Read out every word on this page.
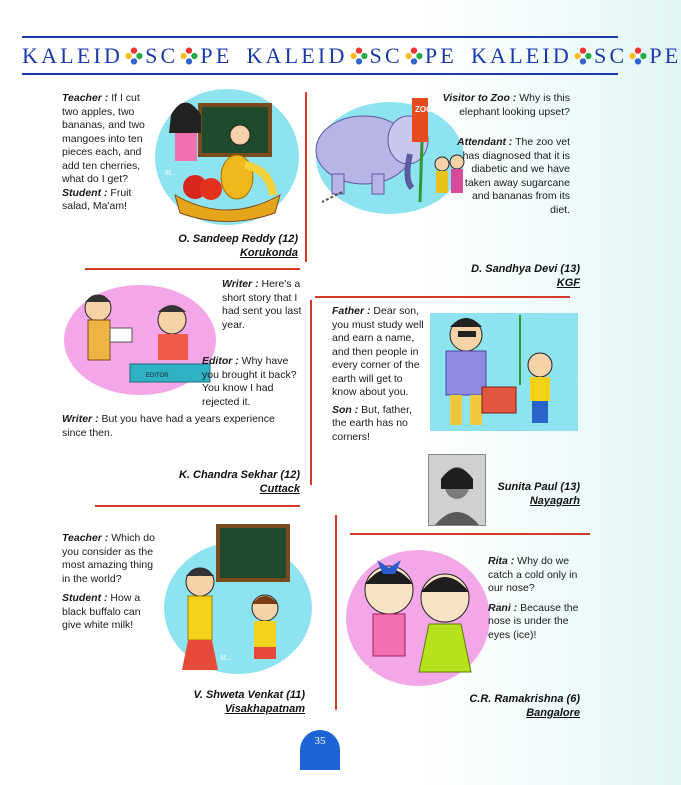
KALEID SC PE KALEID SC PE KALEID SC PE
Teacher : If I cut two apples, two bananas, and two mangoes into ten pieces each, and add ten cherries, what do I get?
Student : Fruit salad, Ma'am!
M...
O. Sandeep Reddy (12)
Korukonda
ZOO
Visitor to Zoo : Why is this elephant looking upset?
Attendant : The zoo vet has diagnosed that it is diabetic and we have taken away sugarcane and bananas from its diet.
D. Sandhya Devi (13)
KGF
EDITOR
Writer : Here's a short story that I had sent you last year.
Editor : Why have you brought it back? You know I had rejected it.
Writer : But you have had a years experience since then.
K. Chandra Sekhar (12)
Cuttack
Father : Dear son, you must study well and earn a name, and then people in every corner of the earth will get to know about you.

Son : But, father, the earth has no corners!
Sunita Paul (13)
Nayagarh
Teacher : Which do you consider as the most amazing thing in the world?

Student : How a black buffalo can give white milk!
M...
V. Shweta Venkat (11)
Visakhapatnam
M...
Rita : Why do we catch a cold only in our nose?

Rani : Because the nose is under the eyes (ice)!
C.R. Ramakrishna (6)
Bangalore
35
